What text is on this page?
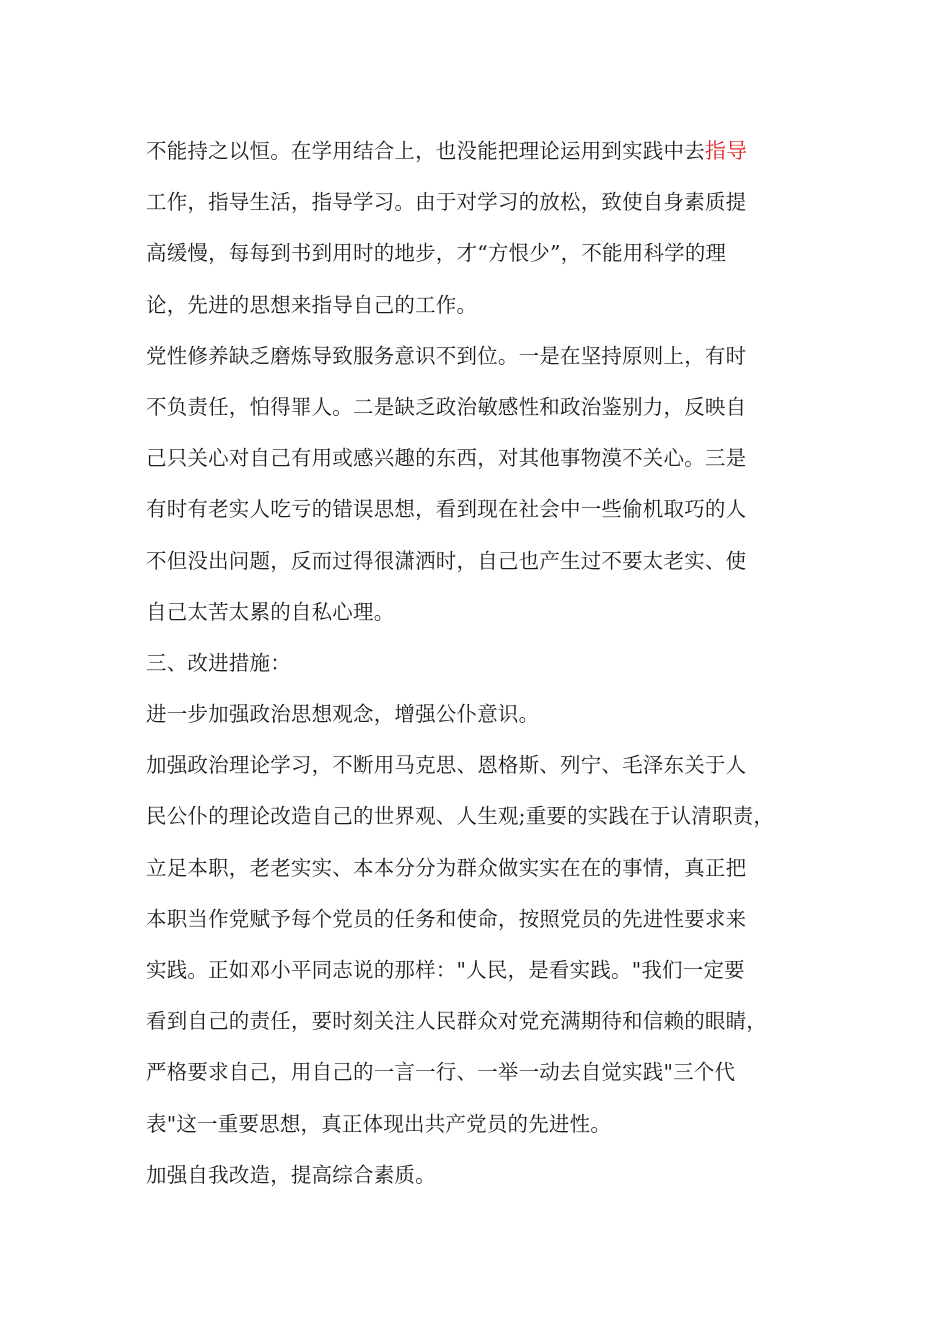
不能持之以恒。在学用结合上，也没能把理论运用到实践中去指导
工作，指导生活，指导学习。由于对学习的放松，致使自身素质提
高缓慢，每每到书到用时的地步，才“方恨少”，不能用科学的理
论，先进的思想来指导自己的工作。
党性修养缺乏磨炼导致服务意识不到位。一是在坚持原则上，有时
不负责任，怕得罪人。二是缺乏政治敏感性和政治鉴别力，反映自
己只关心对自己有用或感兴趣的东西，对其他事物漠不关心。三是
有时有老实人吃亏的错误思想，看到现在社会中一些偷机取巧的人
不但没出问题，反而过得很潇洒时，自己也产生过不要太老实、使
自己太苦太累的自私心理。
三、改进措施：
进一步加强政治思想观念，增强公仆意识。
加强政治理论学习，不断用马克思、恩格斯、列宁、毛泽东关于人
民公仆的理论改造自己的世界观、人生观;重要的实践在于认清职责，
立足本职，老老实实、本本分分为群众做实实在在的事情，真正把
本职当作党赋予每个党员的任务和使命，按照党员的先进性要求来
实践。正如邓小平同志说的那样："人民，是看实践。"我们一定要
看到自己的责任，要时刻关注人民群众对党充满期待和信赖的眼睛，
严格要求自己，用自己的一言一行、一举一动去自觉实践"三个代
表"这一重要思想，真正体现出共产党员的先进性。
加强自我改造，提高综合素质。
